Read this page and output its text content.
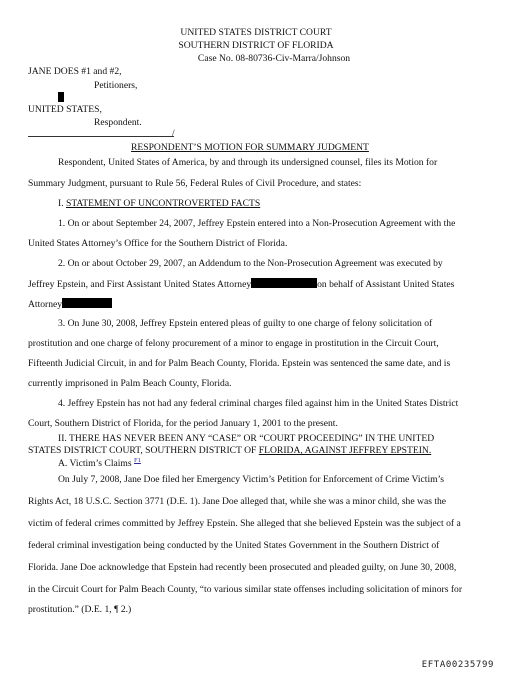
UNITED STATES DISTRICT COURT
SOUTHERN DISTRICT OF FLORIDA
Case No. 08-80736-Civ-Marra/Johnson
JANE DOES #1 and #2,
Petitioners,
UNITED STATES,
Respondent.
/
RESPONDENT’S MOTION FOR SUMMARY JUDGMENT
Respondent, United States of America, by and through its undersigned counsel, files its Motion for
Summary Judgment, pursuant to Rule 56, Federal Rules of Civil Procedure, and states:
I. STATEMENT OF UNCONTROVERTED FACTS
1. On or about September 24, 2007, Jeffrey Epstein entered into a Non-Prosecution Agreement with the
United States Attorney’s Office for the Southern District of Florida.
2. On or about October 29, 2007, an Addendum to the Non-Prosecution Agreement was executed by
Jeffrey Epstein, and First Assistant United States Attorney	on behalf of Assistant United States
Attorney
3. On June 30, 2008, Jeffrey Epstein entered pleas of guilty to one charge of felony solicitation of
prostitution and one charge of felony procurement of a minor to engage in prostitution in the Circuit Court,
Fifteenth Judicial Circuit, in and for Palm Beach County, Florida. Epstein was sentenced the same date, and is
currently imprisoned in Palm Beach County, Florida.
4. Jeffrey Epstein has not had any federal criminal charges filed against him in the United States District
Court, Southern District of Florida, for the period January 1, 2001 to the present.
II. THERE HAS NEVER BEEN ANY “CASE” OR “COURT PROCEEDING” IN THE UNITED
STATES DISTRICT COURT, SOUTHERN DISTRICT OF FLORIDA, AGAINST JEFFREY EPSTEIN.
A. Victim’s Claims $^{F1}$
On July 7, 2008, Jane Doe filed her Emergency Victim’s Petition for Enforcement of Crime Victim’s
Rights Act, 18 U.S.C. Section 3771 (D.E. 1). Jane Doe alleged that, while she was a minor child, she was the
victim of federal crimes committed by Jeffrey Epstein. She alleged that she believed Epstein was the subject of a
federal criminal investigation being conducted by the United States Government in the Southern District of
Florida. Jane Doe acknowledge that Epstein had recently been prosecuted and pleaded guilty, on June 30, 2008,
in the Circuit Court for Palm Beach County, “to various similar state offenses including solicitation of minors for
prostitution.” (D.E. 1, ¶ 2.)
EFTA00235799
